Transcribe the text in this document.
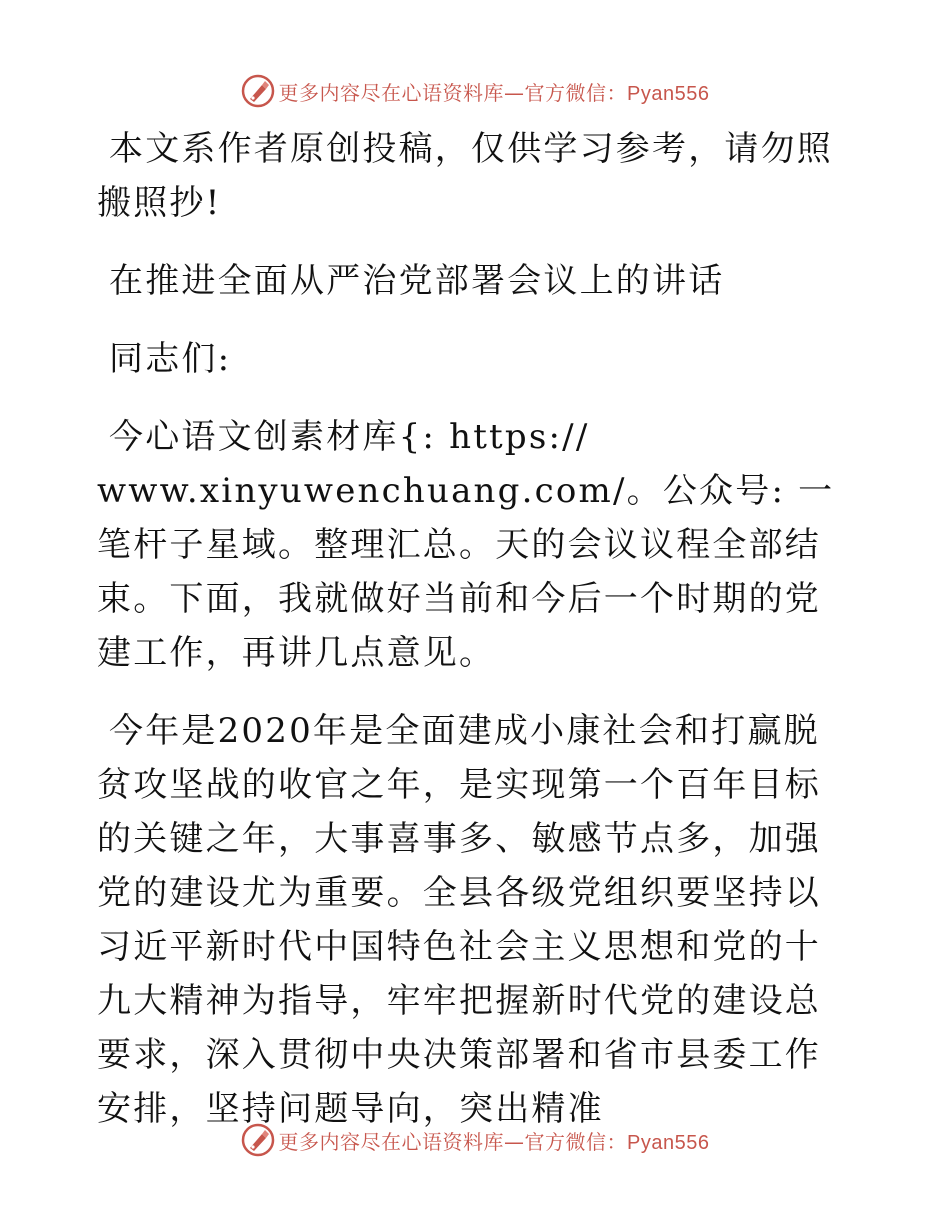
更多内容尽在心语资料库—官方微信：Pyan556

本文系作者原创投稿，仅供学习参考，请勿照搬照抄!

在推进全面从严治党部署会议上的讲话

同志们:

今心语文创素材库{: https:// www.xinyuwenchuang.com/。公众号: 一笔杆子星域。整理汇总。天的会议议程全部结束。下面，我就做好当前和今后一个时期的党建工作，再讲几点意见。

今年是2020年是全面建成小康社会和打赢脱贫攻坚战的收官之年，是实现第一个百年目标的关键之年，大事喜事多、敏感节点多，加强党的建设尤为重要。全县各级党组织要坚持以习近平新时代中国特色社会主义思想和党的十九大精神为指导，牢牢把握新时代党的建设总要求，深入贯彻中央决策部署和省市县委工作安排，坚持问题导向，突出精准

更多内容尽在心语资料库—官方微信：Pyan556
